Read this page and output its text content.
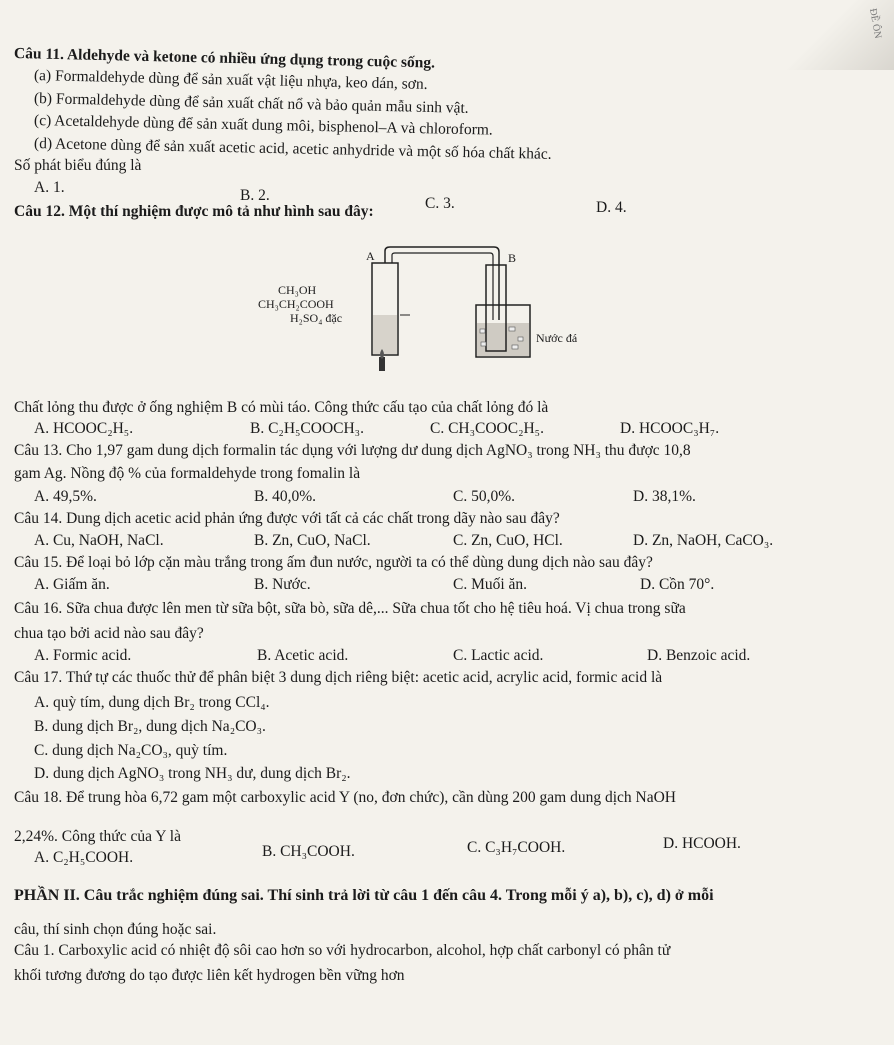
ĐỀ ÔN
Câu 11. Aldehyde và ketone có nhiều ứng dụng trong cuộc sống.
(a) Formaldehyde dùng để sản xuất vật liệu nhựa, keo dán, sơn.
(b) Formaldehyde dùng để sản xuất chất nổ và bảo quản mẫu sinh vật.
(c) Acetaldehyde dùng để sản xuất dung môi, bisphenol–A và chloroform.
(d) Acetone dùng để sản xuất acetic acid, acetic anhydride và một số hóa chất khác.
Số phát biểu đúng là
A. 1.	B. 2.	C. 3.	D. 4.
Câu 12. Một thí nghiệm được mô tả như hình sau đây:
A	B
CH₃OH
CH₃CH₂COOH
H₂SO₄ đặc
Nước đá
Chất lỏng thu được ở ống nghiệm B có mùi táo. Công thức cấu tạo của chất lỏng đó là
A. HCOOC₂H₅.	B. C₂H₅COOCH₃.	C. CH₃COOC₂H₅.	D. HCOOC₃H₇.
Câu 13. Cho 1,97 gam dung dịch formalin tác dụng với lượng dư dung dịch AgNO₃ trong NH₃ thu được 10,8
gam Ag. Nồng độ % của formaldehyde trong fomalin là
A. 49,5%.	B. 40,0%.	C. 50,0%.	D. 38,1%.
Câu 14. Dung dịch acetic acid phản ứng được với tất cả các chất trong dãy nào sau đây?
A. Cu, NaOH, NaCl.	B. Zn, CuO, NaCl.	C. Zn, CuO, HCl.	D. Zn, NaOH, CaCO₃.
Câu 15. Để loại bỏ lớp cặn màu trắng trong ấm đun nước, người ta có thể dùng dung dịch nào sau đây?
A. Giấm ăn.	B. Nước.	C. Muối ăn.	D. Cồn 70°.
Câu 16. Sữa chua được lên men từ sữa bột, sữa bò, sữa dê,... Sữa chua tốt cho hệ tiêu hoá. Vị chua trong sữa
chua tạo bởi acid nào sau đây?
A. Formic acid.	B. Acetic acid.	C. Lactic acid.	D. Benzoic acid.
Câu 17. Thứ tự các thuốc thử để phân biệt 3 dung dịch riêng biệt: acetic acid, acrylic acid, formic acid là
A. quỳ tím, dung dịch Br₂ trong CCl₄.
B. dung dịch Br₂, dung dịch Na₂CO₃.
C. dung dịch Na₂CO₃, quỳ tím.
D. dung dịch AgNO₃ trong NH₃ dư, dung dịch Br₂.
Câu 18. Để trung hòa 6,72 gam một carboxylic acid Y (no, đơn chức), cần dùng 200 gam dung dịch NaOH
2,24%. Công thức của Y là
A. C₂H₅COOH.	B. CH₃COOH.	C. C₃H₇COOH.	D. HCOOH.
PHẦN II. Câu trắc nghiệm đúng sai. Thí sinh trả lời từ câu 1 đến câu 4. Trong mỗi ý a), b), c), d) ở mỗi
câu, thí sinh chọn đúng hoặc sai.
Câu 1. Carboxylic acid có nhiệt độ sôi cao hơn so với hydrocarbon, alcohol, hợp chất carbonyl có phân tử
khối tương đương do tạo được liên kết hydrogen bền vững hơn
